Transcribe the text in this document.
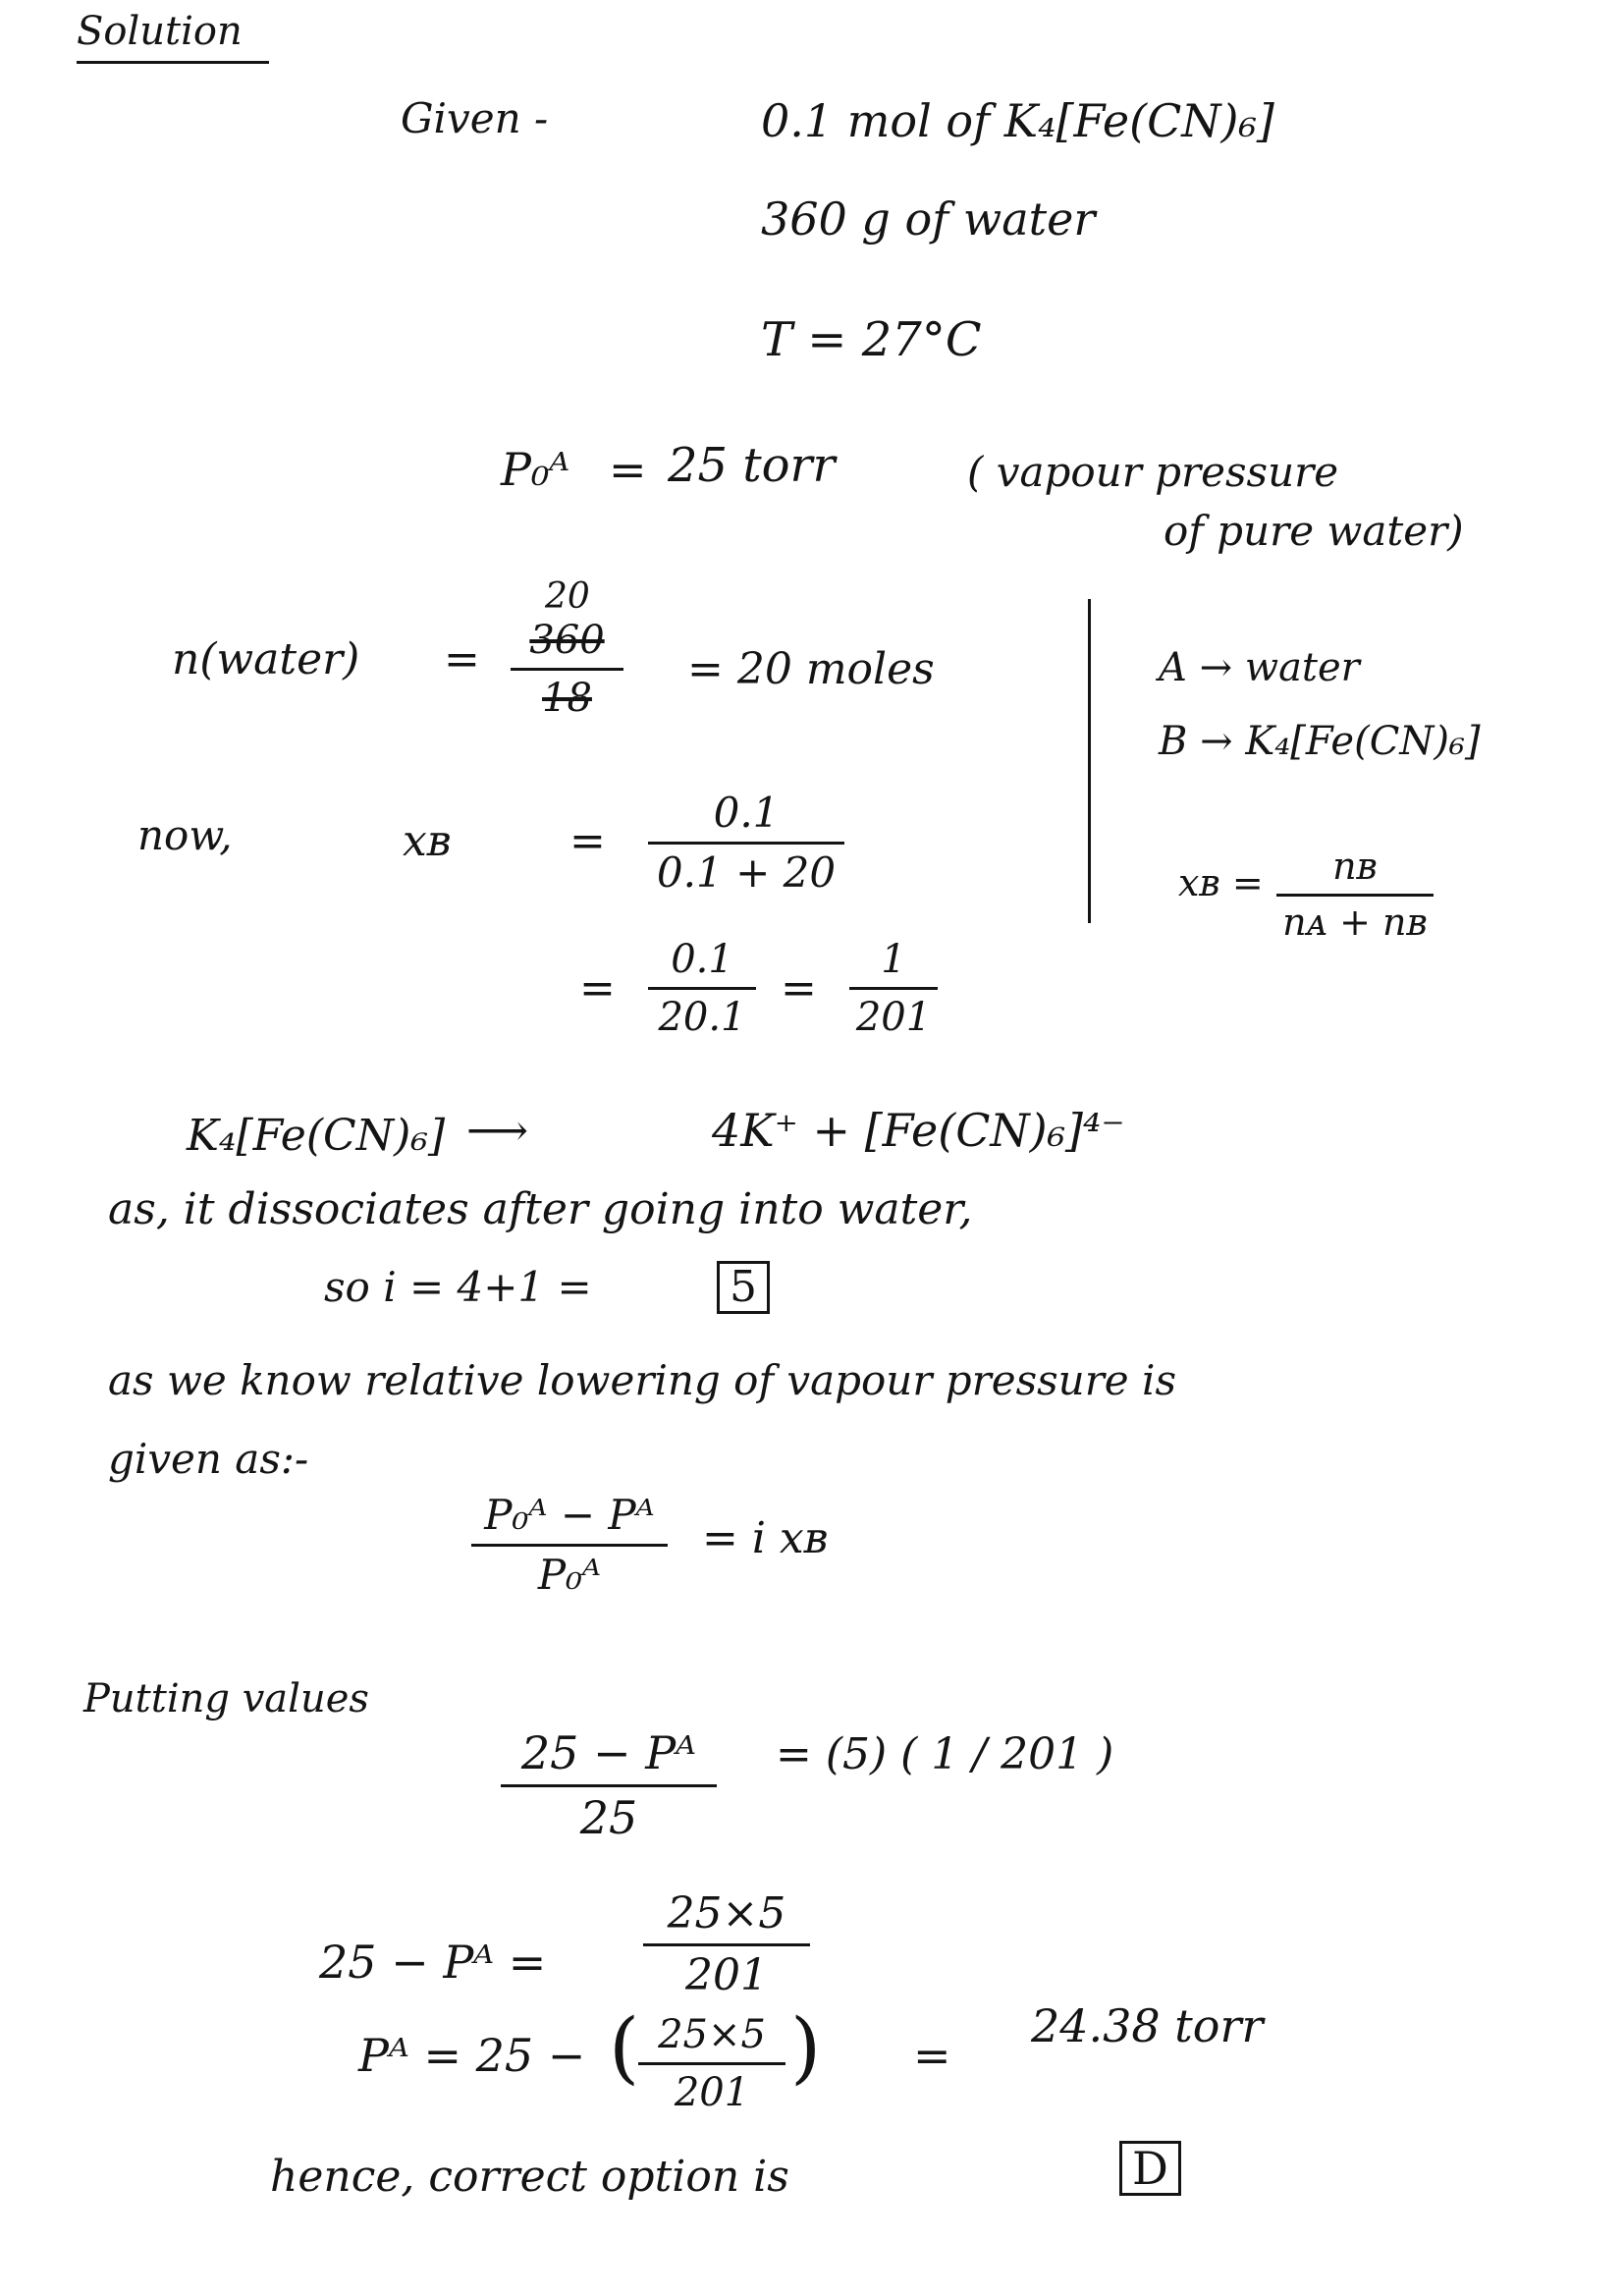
Solution
Given -	0.1 mol of K₄[Fe(CN)₆]
360 g of water
T = 27°C
P₀ᴬ = 25 torr	( vapour pressure
of pure water)
n(water) =
20
360
18
= 20 moles	A → water
B → K₄[Fe(CN)₆]
xʙ = nʙ
nᴀ + nʙ
now,	xʙ	=
0.1
0.1 + 20
=
0.1
20.1
=
1
201
K₄[Fe(CN)₆] ⟶	4K⁺ + [Fe(CN)₆]⁴⁻
as, it dissociates after going into water,
so i = 4+1 =	5
as we know relative lowering of vapour pressure is
given as:-
P₀ᴬ − Pᴬ
P₀ᴬ
= i xʙ
Putting values
25 − Pᴬ
25
= (5) ( 1 / 201 )
25 − Pᴬ =
25×5
201
Pᴬ = 25 − ( 25×5
201 ) =
24.38 torr
hence, correct option is	D
